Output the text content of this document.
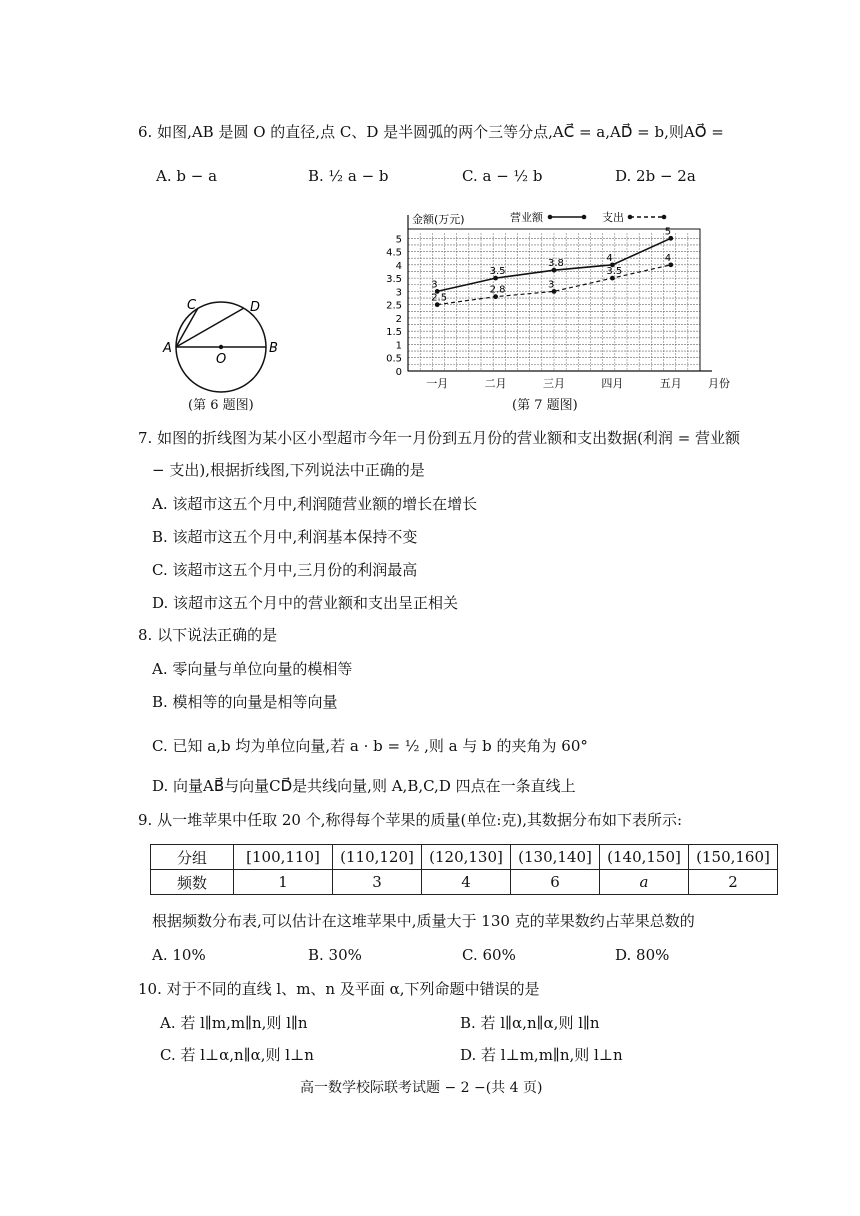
6. 如图,AB 是圆 O 的直径,点 C、D 是半圆弧的两个三等分点,AC⃗ = a,AD⃗ = b,则AO⃗ =
A. b − a	B. ½ a − b	C. a − ½ b	D. 2b − 2a
C	D
A
O
B
(第 6 题图)
0
0.5
1
1.5
2
2.5
3
3.5
4
4.5
5
金额(万元)
月份
一月	二月	三月	四月	五月
3
3.5
3.8	4
5
2.5
2.8	3
3.5
4
营业额	支出
(第 7 题图)
7. 如图的折线图为某小区小型超市今年一月份到五月份的营业额和支出数据(利润 = 营业额
− 支出),根据折线图,下列说法中正确的是
A. 该超市这五个月中,利润随营业额的增长在增长
B. 该超市这五个月中,利润基本保持不变
C. 该超市这五个月中,三月份的利润最高
D. 该超市这五个月中的营业额和支出呈正相关
8. 以下说法正确的是
A. 零向量与单位向量的模相等
B. 模相等的向量是相等向量
C. 已知 a,b 均为单位向量,若 a · b = ½ ,则 a 与 b 的夹角为 60°
D. 向量AB⃗与向量CD⃗是共线向量,则 A,B,C,D 四点在一条直线上
9. 从一堆苹果中任取 20 个,称得每个苹果的质量(单位:克),其数据分布如下表所示:
分组	[100,110]	(110,120]	(120,130]	(130,140]	(140,150]	(150,160]
频数	1	3	4	6	a	2
根据频数分布表,可以估计在这堆苹果中,质量大于 130 克的苹果数约占苹果总数的
A. 10%	B. 30%	C. 60%	D. 80%
10. 对于不同的直线 l、m、n 及平面 α,下列命题中错误的是
A. 若 l∥m,m∥n,则 l∥n	B. 若 l∥α,n∥α,则 l∥n
C. 若 l⊥α,n∥α,则 l⊥n	D. 若 l⊥m,m∥n,则 l⊥n
高一数学校际联考试题 − 2 −(共 4 页)
